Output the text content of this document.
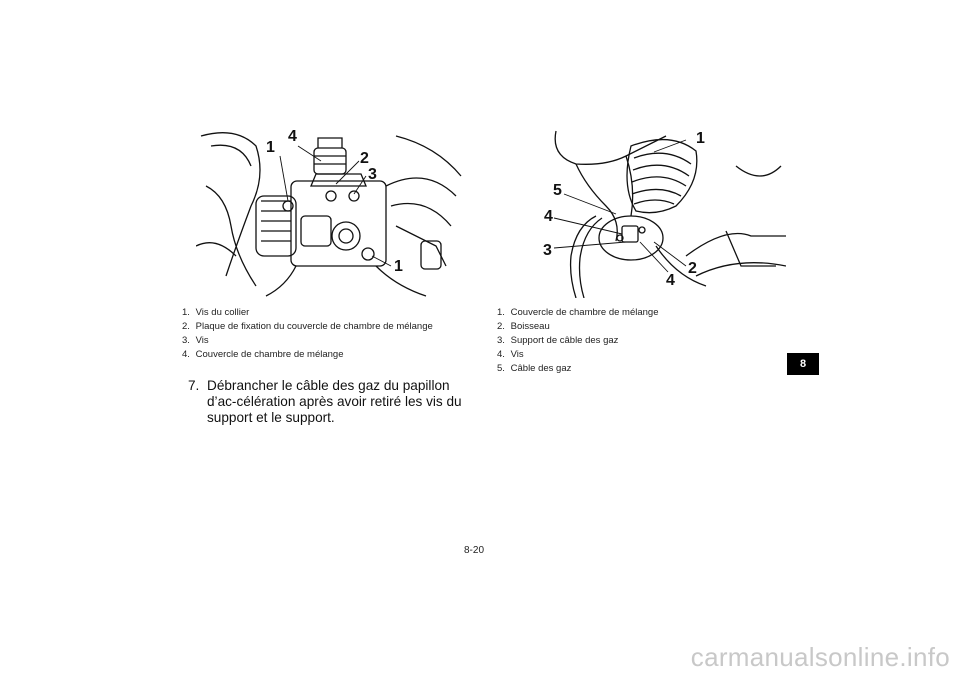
1
4
2
3
1
1
5
4
3
4
2
1. Vis du collier
2. Plaque de fixation du couvercle de chambre de mélange
3. Vis
4. Couvercle de chambre de mélange
1. Couvercle de chambre de mélange
2. Boisseau
3. Support de câble des gaz
4. Vis
5. Câble des gaz
7. Débrancher le câble des gaz du papillon d’ac-célération après avoir retiré les vis du support et le support.
8
8-20
carmanualsonline.info
